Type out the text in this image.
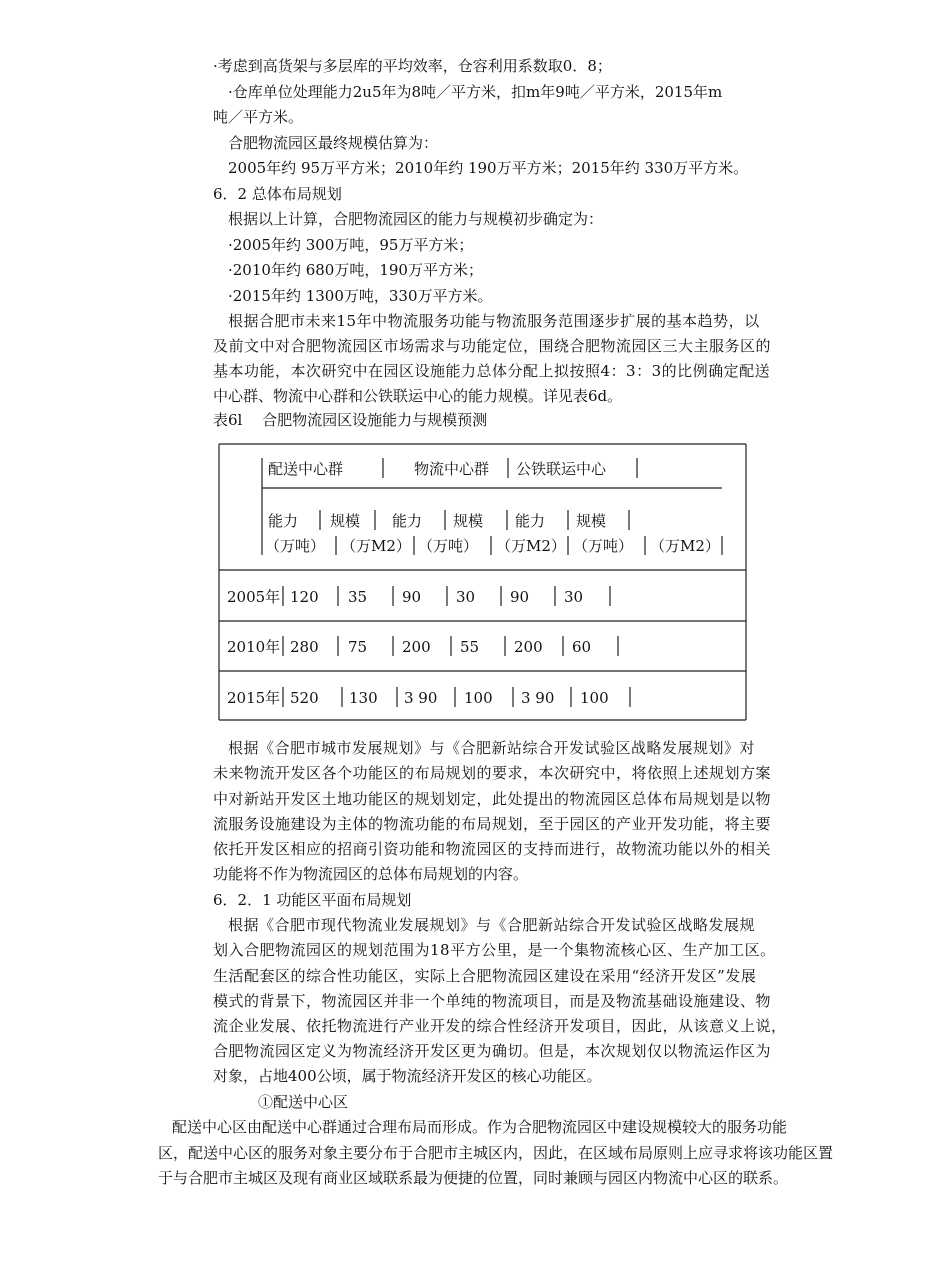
·考虑到高货架与多层库的平均效率，仓容利用系数取0．8；
·仓库单位处理能力2u5年为8吨／平方米，扣m年9吨／平方米，2015年m
吨／平方米。
合肥物流园区最终规模估算为：
2005年约 95万平方米；2010年约 190万平方米；2015年约 330万平方米。
6．2 总体布局规划
根据以上计算，合肥物流园区的能力与规模初步确定为：
·2005年约 300万吨，95万平方米；
·2010年约 680万吨，190万平方米；
·2015年约 1300万吨，330万平方米。
根据合肥市未来15年中物流服务功能与物流服务范围逐步扩展的基本趋势，以
及前文中对合肥物流园区市场需求与功能定位，围绕合肥物流园区三大主服务区的
基本功能，本次研究中在园区设施能力总体分配上拟按照4：3：3的比例确定配送
中心群、物流中心群和公铁联运中心的能力规模。详见表6d。
表6l　 合肥物流园区设施能力与规模预测
配送中心群	物流中心群 公铁联运中心
能力 规模 能力 规模 能力 规模
（万吨） （万M2） （万吨） （万M2） （万吨） （万M2）
2005年 120 35 90 30 90 30
2010年 280 75 200 55 200 60
2015年 520 130 3 90 100 3 90 100
根据《合肥市城市发展规划》与《合肥新站综合开发试验区战略发展规划》对
未来物流开发区各个功能区的布局规划的要求，本次研究中，将依照上述规划方案
中对新站开发区土地功能区的规划划定，此处提出的物流园区总体布局规划是以物
流服务设施建设为主体的物流功能的布局规划，至于园区的产业开发功能，将主要
依托开发区相应的招商引资功能和物流园区的支持而进行，故物流功能以外的相关
功能将不作为物流园区的总体布局规划的内容。
6．2．1 功能区平面布局规划
根据《合肥市现代物流业发展规划》与《合肥新站综合开发试验区战略发展规
划入合肥物流园区的规划范围为18平方公里，是一个集物流核心区、生产加工区。
生活配套区的综合性功能区，实际上合肥物流园区建设在采用“经济开发区”发展
模式的背景下，物流园区并非一个单纯的物流项目，而是及物流基础设施建设、物
流企业发展、依托物流进行产业开发的综合性经济开发项目，因此，从该意义上说，
合肥物流园区定义为物流经济开发区更为确切。但是，本次规划仅以物流运作区为
对象，占地400公顷，属于物流经济开发区的核心功能区。
①配送中心区
配送中心区由配送中心群通过合理布局而形成。作为合肥物流园区中建设规模较大的服务功能
区，配送中心区的服务对象主要分布于合肥市主城区内，因此，在区域布局原则上应寻求将该功能区置
于与合肥市主城区及现有商业区域联系最为便捷的位置，同时兼顾与园区内物流中心区的联系。
